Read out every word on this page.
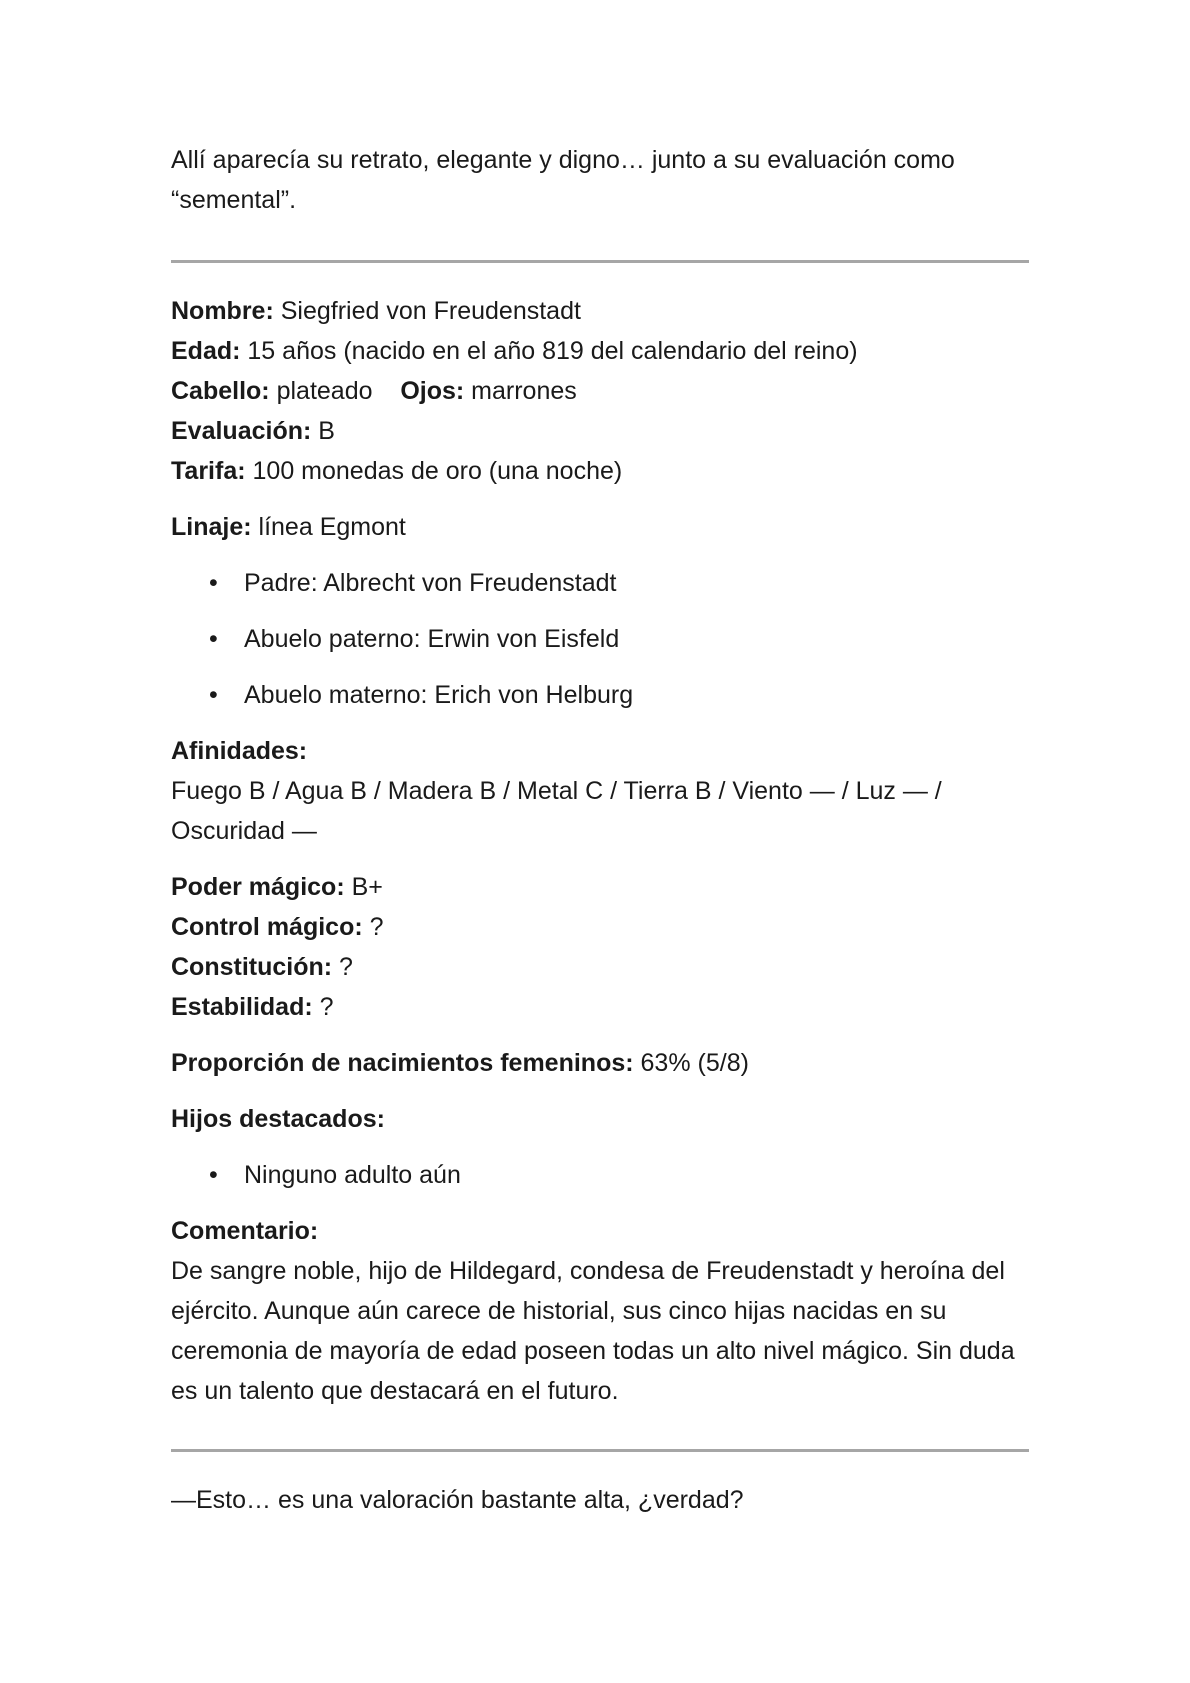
Allí aparecía su retrato, elegante y digno… junto a su evaluación como “semental”.

Nombre: Siegfried von Freudenstadt
Edad: 15 años (nacido en el año 819 del calendario del reino)
Cabello: plateado Ojos: marrones
Evaluación: B
Tarifa: 100 monedas de oro (una noche)
Linaje: línea Egmont
• Padre: Albrecht von Freudenstadt
• Abuelo paterno: Erwin von Eisfeld
• Abuelo materno: Erich von Helburg
Afinidades:
Fuego B / Agua B / Madera B / Metal C / Tierra B / Viento — / Luz — / Oscuridad —
Poder mágico: B+
Control mágico: ?
Constitución: ?
Estabilidad: ?
Proporción de nacimientos femeninos: 63% (5/8)
Hijos destacados:
• Ninguno adulto aún
Comentario:
De sangre noble, hijo de Hildegard, condesa de Freudenstadt y heroína del ejército. Aunque aún carece de historial, sus cinco hijas nacidas en su ceremonia de mayoría de edad poseen todas un alto nivel mágico. Sin duda es un talento que destacará en el futuro.

—Esto… es una valoración bastante alta, ¿verdad?
